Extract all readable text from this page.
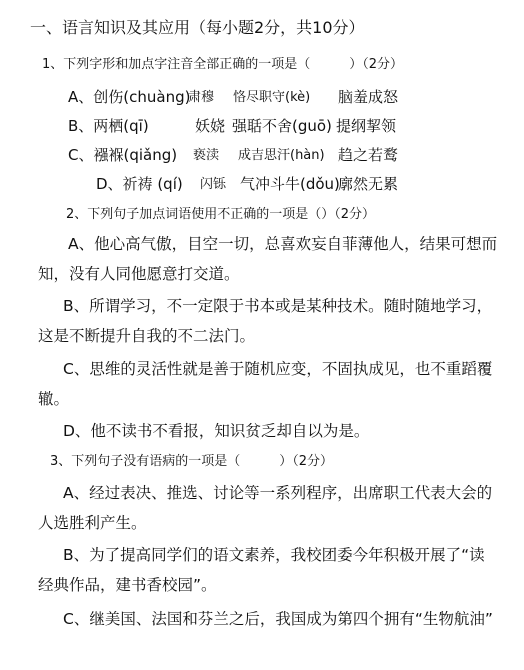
一、语言知识及其应用（每小题2分，共10分）
1、下列字形和加点字注音全部正确的一项是（　　　）（2分）
A、创伤(chuàng)
肃穆 恪尽职守(kè) 脑羞成怒
B、两栖(qī)	妖娆 强聒不舍(guō) 提纲挈领
C、襁褓(qiǎng) 亵渎 成吉思汗(hàn) 趋之若鹜
D、祈祷 (qí) 闪铄 气冲斗牛(dǒu)
廓然无累
2、下列句子加点词语使用不正确的一项是（）（2分）
A、他心高气傲，目空一切，总喜欢妄自菲薄他人，结果可想而
知，没有人同他愿意打交道。
B、所谓学习，不一定限于书本或是某种技术。随时随地学习，
这是不断提升自我的不二法门。
C、思维的灵活性就是善于随机应变，不固执成见，也不重蹈覆
辙。
D、他不读书不看报，知识贫乏却自以为是。
3、下列句子没有语病的一项是（　　　）（2分）
A、经过表决、推选、讨论等一系列程序，出席职工代表大会的
人选胜利产生。
B、为了提高同学们的语文素养，我校团委今年积极开展了“读
经典作品，建书香校园”。
C、继美国、法国和芬兰之后，我国成为第四个拥有“生物航油”
